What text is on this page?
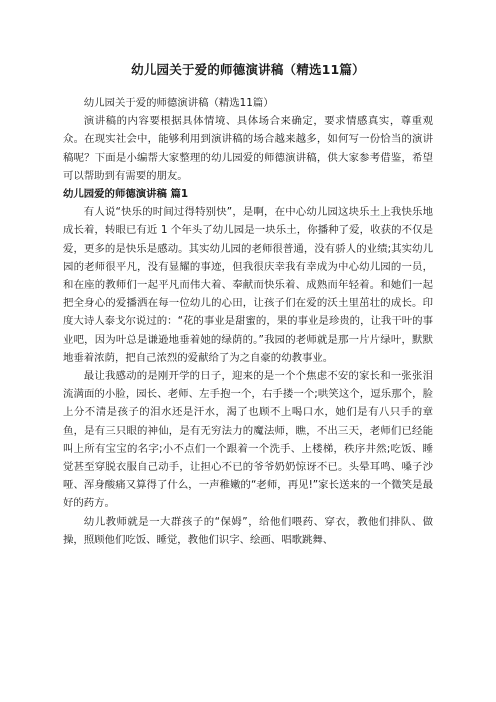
幼儿园关于爱的师德演讲稿（精选11篇）

幼儿园关于爱的师德演讲稿（精选11篇）

演讲稿的内容要根据具体情境、具体场合来确定，要求情感真实，尊重观众。在现实社会中，能够利用到演讲稿的场合越来越多，如何写一份恰当的演讲稿呢？下面是小编帮大家整理的幼儿园爱的师德演讲稿，供大家参考借鉴，希望可以帮助到有需要的朋友。

幼儿园爱的师德演讲稿 篇1

有人说“快乐的时间过得特别快”，是啊，在中心幼儿园这块乐土上我快乐地成长着，转眼已有近 1 个年头了幼儿园是一块乐土，你播种了爱，收获的不仅是爱，更多的是快乐是感动。其实幼儿园的老师很普通，没有骄人的业绩;其实幼儿园的老师很平凡，没有显耀的事迹，但我很庆幸我有幸成为中心幼儿园的一员，和在座的教师们一起平凡而伟大着、奉献而快乐着、成熟而年轻着。和她们一起把全身心的爱播洒在每一位幼儿的心田，让孩子们在爱的沃土里茁壮的成长。印度大诗人泰戈尔说过的：“花的事业是甜蜜的，果的事业是珍贵的，让我干叶的事业吧，因为叶总是谦逊地垂着她的绿荫的。”我园的老师就是那一片片绿叶，默默地垂着浓荫，把自己浓烈的爱献给了为之自豪的幼教事业。

最让我感动的是刚开学的日子，迎来的是一个个焦虑不安的家长和一张张泪流满面的小脸，园长、老师、左手抱一个，右手搂一个;哄笑这个，逗乐那个，脸上分不清是孩子的泪水还是汗水，渴了也顾不上喝口水，她们是有八只手的章鱼，是有三只眼的神仙，是有无穷法力的魔法师，瞧，不出三天，老师们已经能叫上所有宝宝的名字;小不点们一个跟着一个洗手、上楼梯，秩序井然;吃饭、睡觉甚至穿脱衣服自己动手，让担心不已的爷爷奶奶惊讶不已。头晕耳鸣、嗓子沙哑、浑身酸痛又算得了什么，一声稚嫩的“老师，再见!”家长送来的一个微笑是最好的药方。

幼儿教师就是一大群孩子的“保姆”，给他们喂药、穿衣，教他们排队、做操，照顾他们吃饭、睡觉，教他们识字、绘画、唱歌跳舞、
